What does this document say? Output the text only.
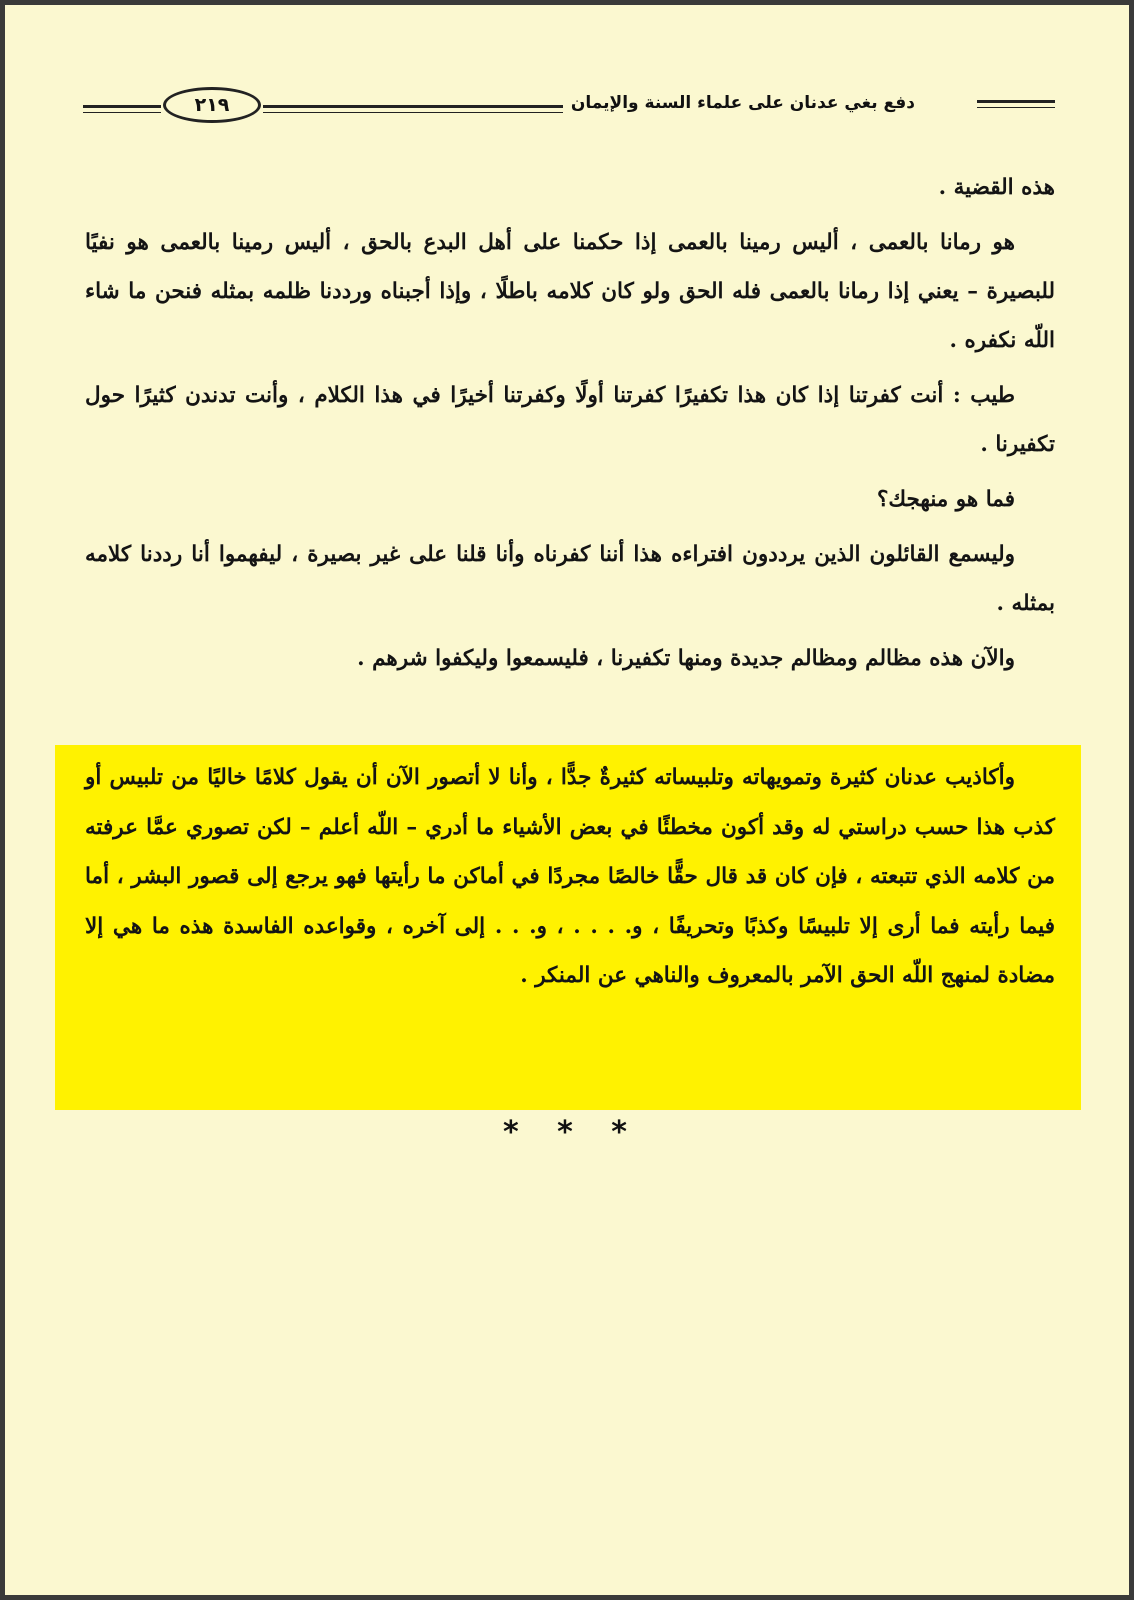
دفع بغي عدنان على علماء السنة والإيمان
٢١٩

هذه القضية .

هو رمانا بالعمى ، أليس رمينا بالعمى إذا حكمنا على أهل البدع بالحق ، أليس رمينا بالعمى هو نفيًا للبصيرة – يعني إذا رمانا بالعمى فله الحق ولو كان كلامه باطلًا ، وإذا أجبناه ورددنا ظلمه بمثله فنحن ما شاء اللّه نكفره .

طيب : أنت كفرتنا إذا كان هذا تكفيرًا كفرتنا أولًا وكفرتنا أخيرًا في هذا الكلام ، وأنت تدندن كثيرًا حول تكفيرنا .

فما هو منهجك؟

وليسمع القائلون الذين يرددون افتراءه هذا أننا كفرناه وأنا قلنا على غير بصيرة ، ليفهموا أنا رددنا كلامه بمثله .

والآن هذه مظالم ومظالم جديدة ومنها تكفيرنا ، فليسمعوا وليكفوا شرهم .

وأكاذيب عدنان كثيرة وتمويهاته وتلبيساته كثيرةٌ جدًّا ، وأنا لا أتصور الآن أن يقول كلامًا خاليًا من تلبيس أو كذب هذا حسب دراستي له وقد أكون مخطئًا في بعض الأشياء ما أدري – اللّه أعلم – لكن تصوري عمَّا عرفته من كلامه الذي تتبعته ، فإن كان قد قال حقًّا خالصًا مجردًا في أماكن ما رأيتها فهو يرجع إلى قصور البشر ، أما فيما رأيته فما أرى إلا تلبيسًا وكذبًا وتحريفًا ، و. . . . ، و. . . إلى آخره ، وقواعده الفاسدة هذه ما هي إلا مضادة لمنهج اللّه الحق الآمر بالمعروف والناهي عن المنكر .

* * *
